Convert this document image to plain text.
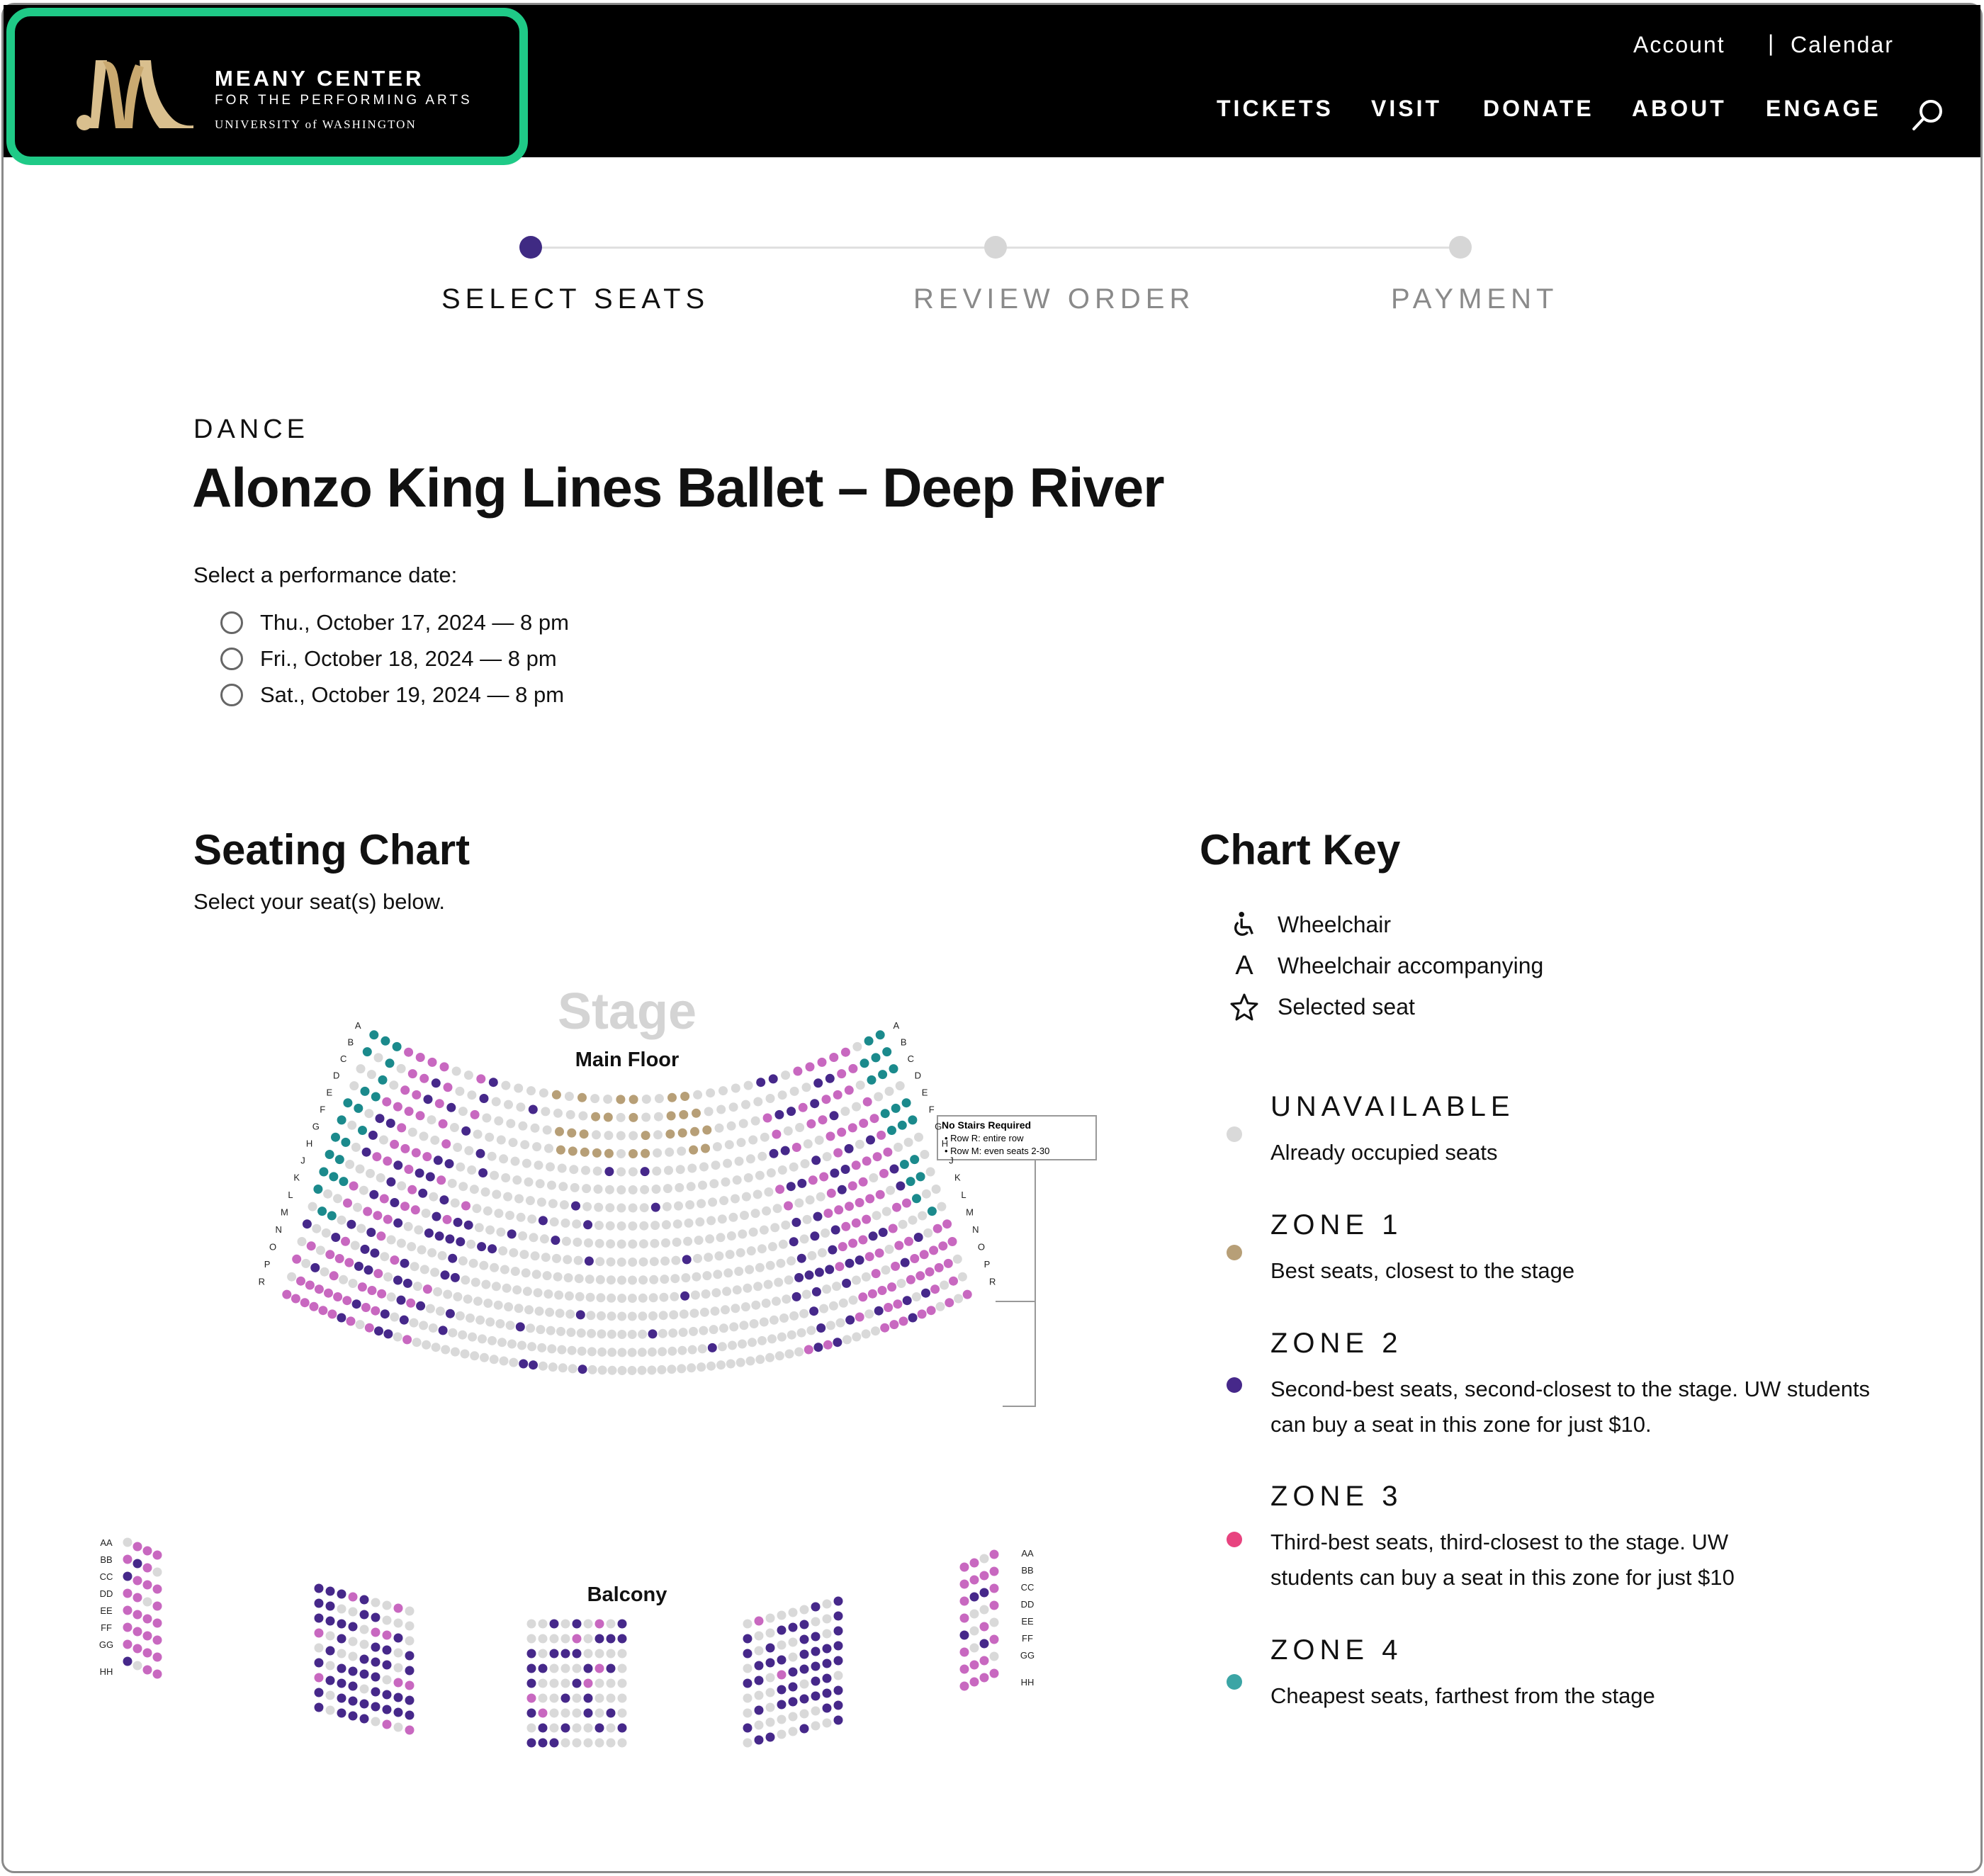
Account | Calendar
TICKETS VISIT DONATE ABOUT ENGAGE
MEANY CENTER
FOR THE PERFORMING ARTS
UNIVERSITY of WASHINGTON
SELECT SEATS	REVIEW ORDER	PAYMENT
DANCE
Alonzo King Lines Ballet – Deep River
Select a performance date:
Thu., October 17, 2024 — 8 pm
Fri., October 18, 2024 — 8 pm
Sat., October 19, 2024 — 8 pm
Seating Chart
Select your seat(s) below.
Stage
Main Floor
Balcony
No Stairs Required
• Row R: entire row
• Row M: even seats 2-30
A	A
B	B
C	C
D	D
E	E
F	F
G	G
H	H
J	J
K	K
L	L
M	M
N	N
O	O
P	P
R	R
AA
AA
BB
BB
CC
CC
DD
DD
EE
EE
FF
FF
GG
GG
HH
HH
Chart Key
Wheelchair
A	Wheelchair accompanying
Selected seat
UNAVAILABLE
Already occupied seats
ZONE 1
Best seats, closest to the stage
ZONE 2
Second-best seats, second-closest to the stage. UW students can buy a seat in this zone for just $10.
ZONE 3
Third-best seats, third-closest to the stage. UW students can buy a seat in this zone for just $10
ZONE 4
Cheapest seats, farthest from the stage
